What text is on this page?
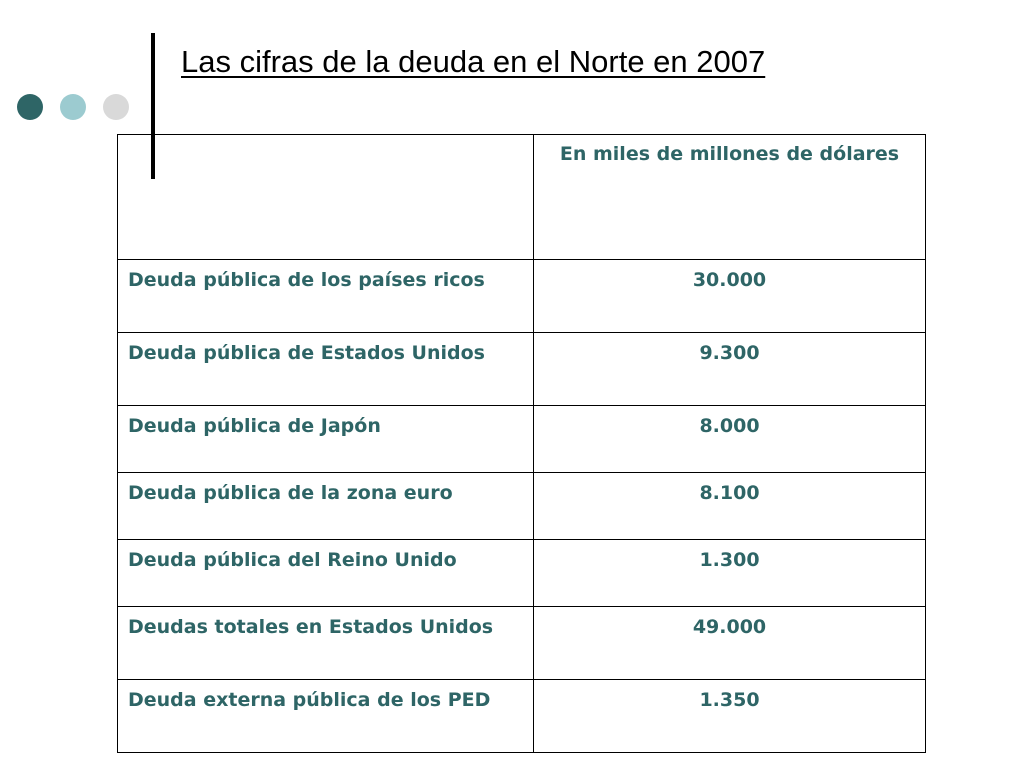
Las cifras de la deuda en el Norte en 2007
	En miles de millones de dólares

Deuda pública de los países ricos	30.000

Deuda pública de Estados Unidos	9.300

Deuda pública de Japón	8.000

Deuda pública de la zona euro	8.100

Deuda pública del Reino Unido	1.300

Deudas totales en Estados Unidos	49.000

Deuda externa pública de los PED	1.350
